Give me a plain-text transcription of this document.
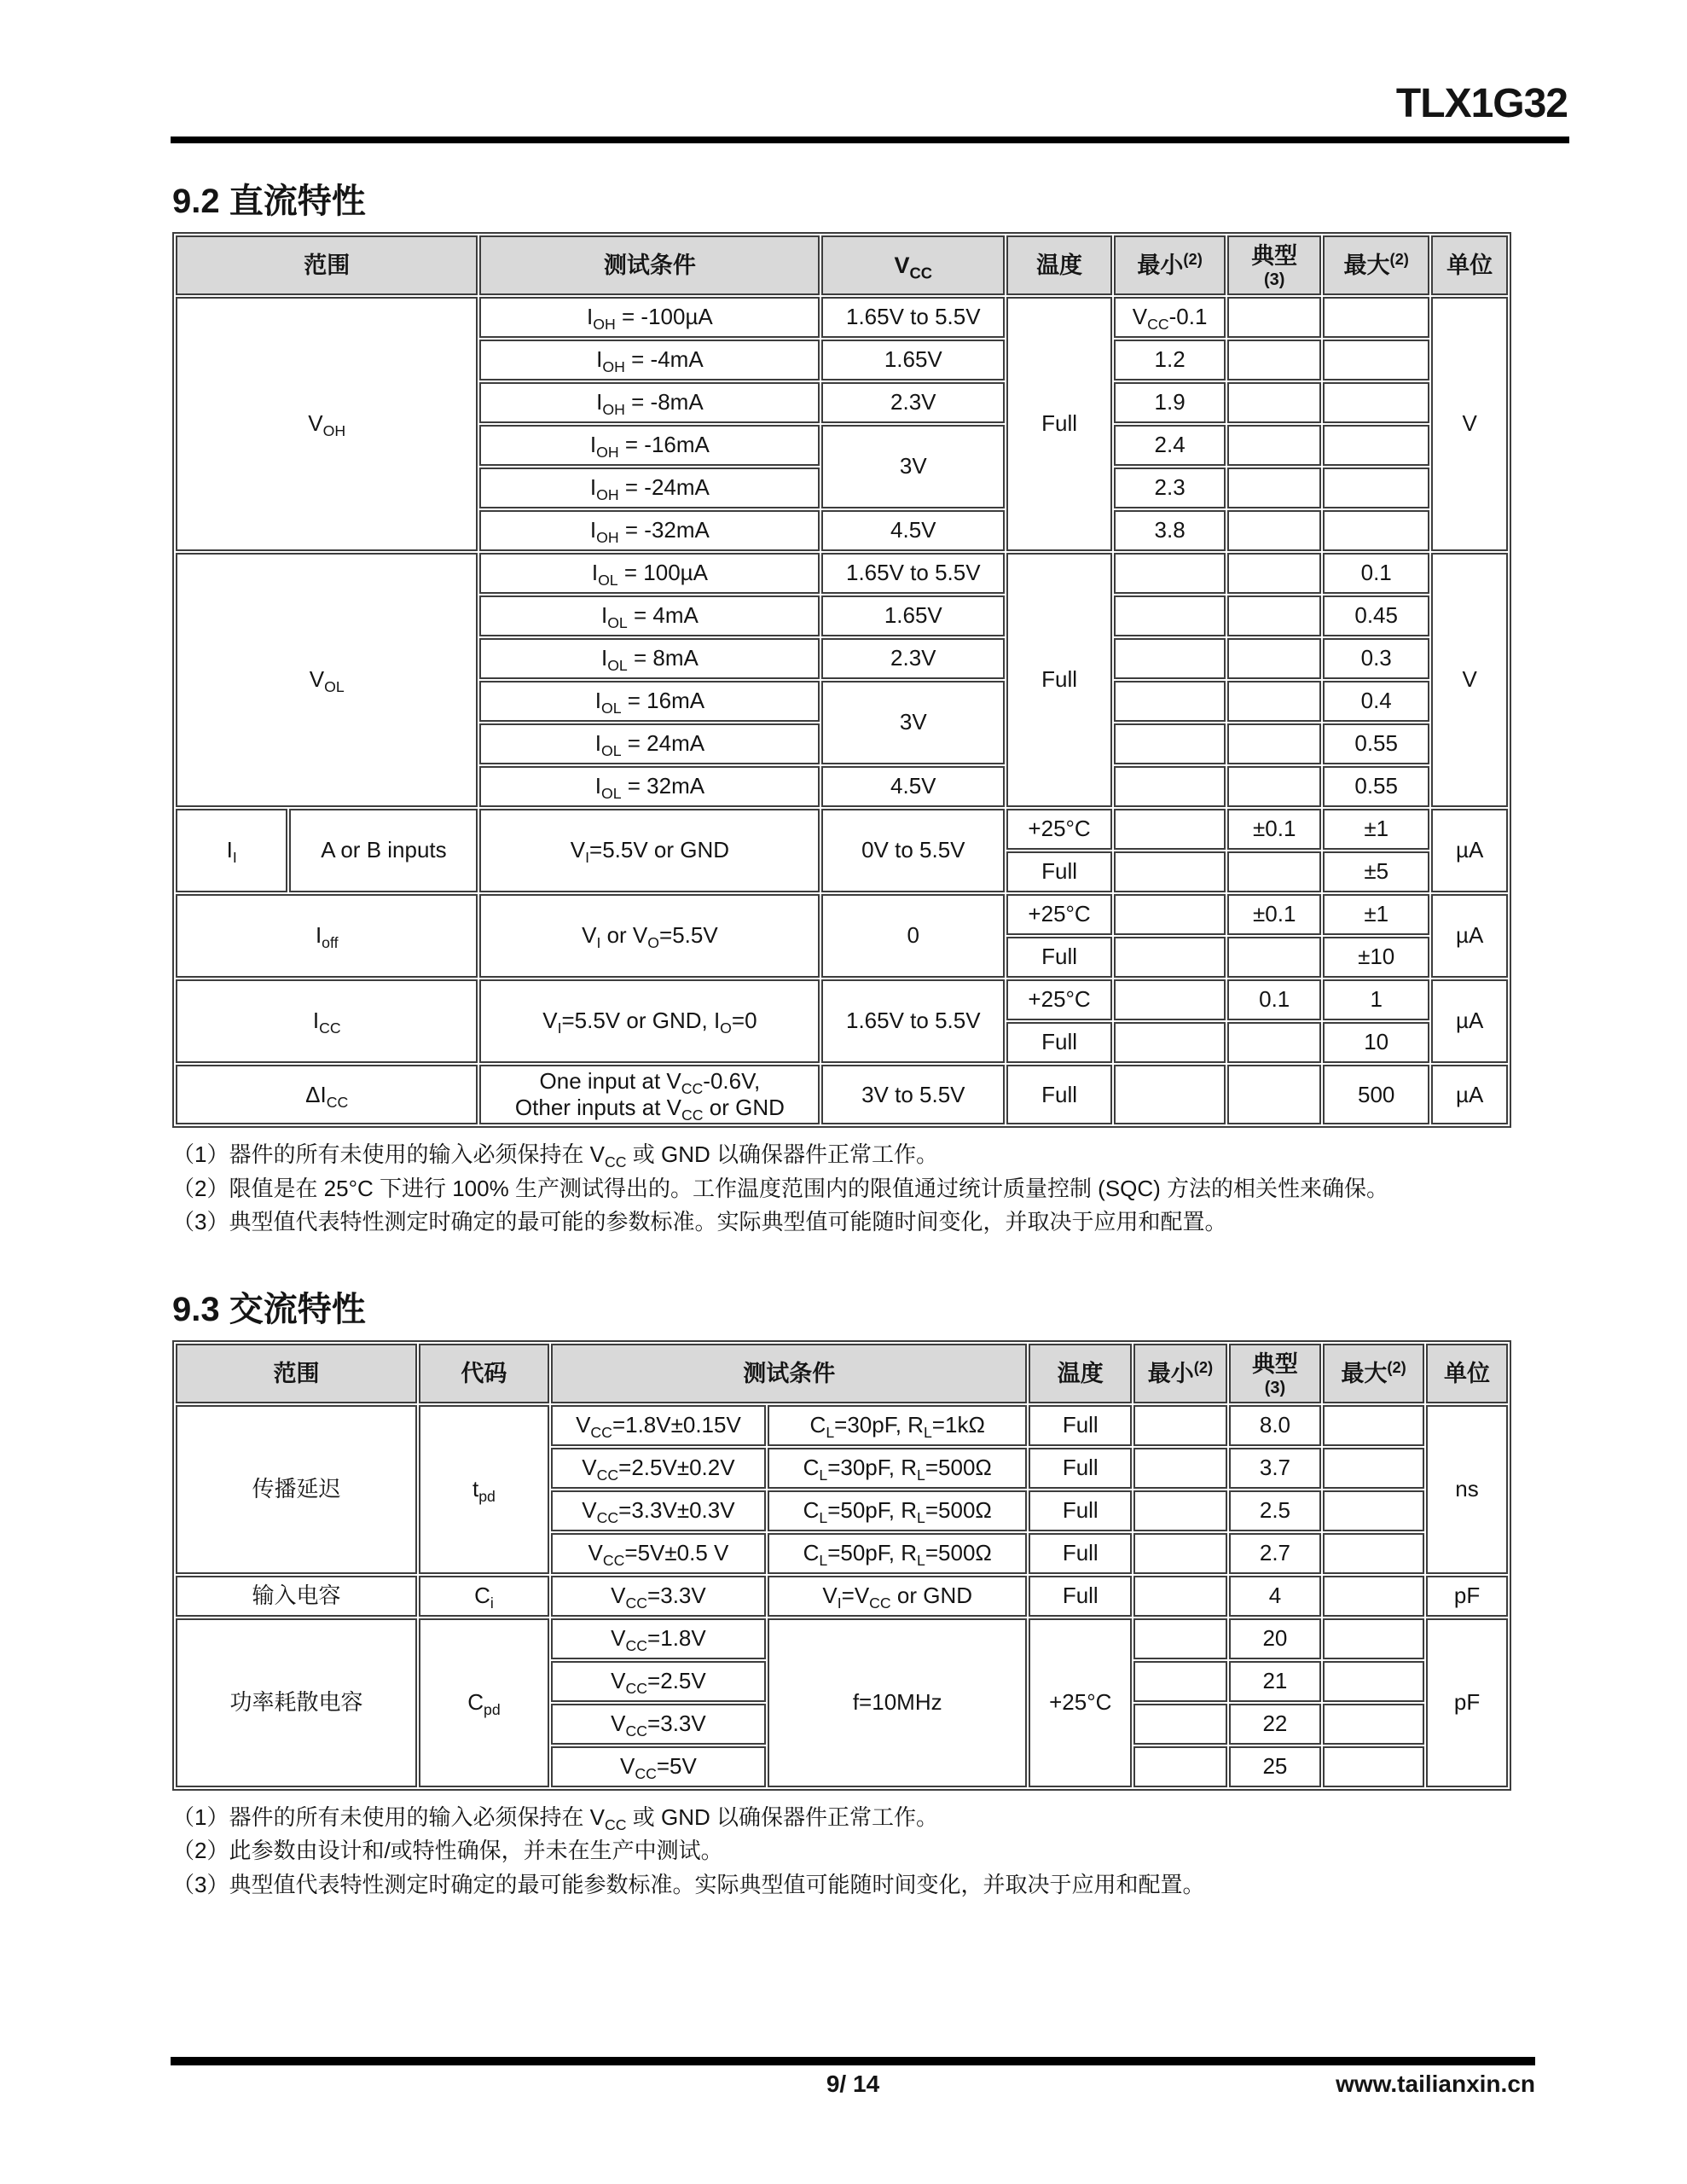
TLX1G32
9.2 直流特性
范围		测试条件	$V_{CC}$	温度	最小$^{(2)}$	典型
(3)	最大$^{(2)}$	单位
$V_{OH}$		$I_{OH} = -100\mu A$	1.65V to 5.5V	Full	$V_{CC}-0.1$			V
		$I_{OH} = -4mA$	1.65V		1.2			
		$I_{OH} = -8mA$	2.3V		1.9			
		$I_{OH} = -16mA$	3V		2.4			
		$I_{OH} = -24mA$			2.3			
		$I_{OH} = -32mA$	4.5V		3.8			
$V_{OL}$		$I_{OL} = 100\mu A$	1.65V to 5.5V	Full			0.1	V
		$I_{OL} = 4mA$	1.65V				0.45	
		$I_{OL} = 8mA$	2.3V				0.3	
		$I_{OL} = 16mA$	3V				0.4	
		$I_{OL} = 24mA$					0.55	
		$I_{OL} = 32mA$	4.5V				0.55	
$I_I$	A or B inputs	$V_I=5.5V$ or GND	0V to 5.5V	+25°C		±0.1	±1	µA
				Full			±5	
$I_{off}$		$V_I$ or $V_O=5.5V$	0	+25°C		±0.1	±1	µA
				Full			±10	
$I_{CC}$		$V_I=5.5V$ or GND, $I_O=0$	1.65V to 5.5V	+25°C		0.1	1	µA
				Full			10	
$\Delta I_{CC}$		One input at $V_{CC}-0.6V$,
Other inputs at $V_{CC}$ or GND	3V to 5.5V	Full			500	µA

（1）器件的所有未使用的输入必须保持在 $V_{CC}$ 或 GND 以确保器件正常工作。

（2）限值是在 25°C 下进行 100% 生产测试得出的。工作温度范围内的限值通过统计质量控制 (SQC) 方法的相关性来确保。

（3）典型值代表特性测定时确定的最可能的参数标准。实际典型值可能随时间变化，并取决于应用和配置。

9.3 交流特性
范围	代码	测试条件		温度	最小$^{(2)}$	典型
(3)	最大$^{(2)}$	单位
传播延迟	$t_{pd}$	$V_{CC}=1.8V\pm 0.15V$	$C_L=30pF$, $R_L=1k\Omega$	Full		8.0		ns
		$V_{CC}=2.5V\pm 0.2V$	$C_L=30pF$, $R_L=500\Omega$	Full		3.7		
		$V_{CC}=3.3V\pm 0.3V$	$C_L=50pF$, $R_L=500\Omega$	Full		2.5		
		$V_{CC}=5V\pm 0.5$ V	$C_L=50pF$, $R_L=500\Omega$	Full		2.7		
输入电容	$C_i$	$V_{CC}=3.3V$	$V_I=V_{CC}$ or GND	Full		4		pF
功率耗散电容	$C_{pd}$	$V_{CC}=1.8V$	f=10MHz	+25°C		20		pF
		$V_{CC}=2.5V$				21		
		$V_{CC}=3.3V$				22		
		$V_{CC}=5V$				25		

（1）器件的所有未使用的输入必须保持在 $V_{CC}$ 或 GND 以确保器件正常工作。

（2）此参数由设计和/或特性确保，并未在生产中测试。

（3）典型值代表特性测定时确定的最可能参数标准。实际典型值可能随时间变化，并取决于应用和配置。

9/ 14	www.tailianxin.cn
